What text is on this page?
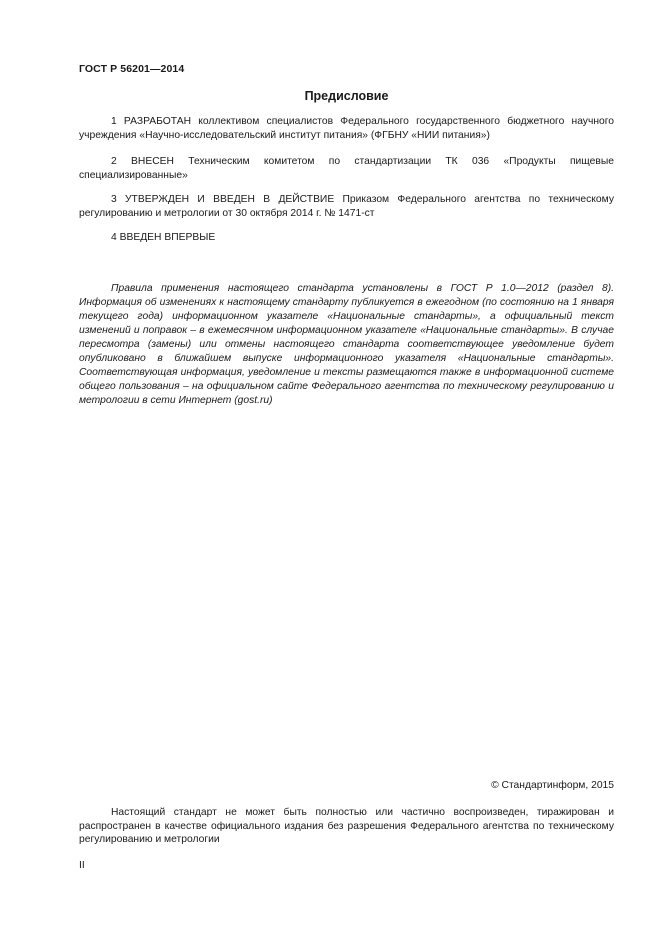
ГОСТ Р 56201—2014
Предисловие

1 РАЗРАБОТАН коллективом специалистов Федерального государственного бюджетного научного учреждения «Научно-исследовательский институт питания» (ФГБНУ «НИИ питания»)

2 ВНЕСЕН Техническим комитетом по стандартизации ТК 036 «Продукты пищевые специализированные»

3 УТВЕРЖДЕН И ВВЕДЕН В ДЕЙСТВИЕ Приказом Федерального агентства по техническому регулированию и метрологии от 30 октября 2014 г. № 1471-ст

4 ВВЕДЕН ВПЕРВЫЕ

Правила применения настоящего стандарта установлены в ГОСТ Р 1.0—2012 (раздел 8). Информация об изменениях к настоящему стандарту публикуется в ежегодном (по состоянию на 1 января текущего года) информационном указателе «Национальные стандарты», а официальный текст изменений и поправок – в ежемесячном информационном указателе «Национальные стандарты». В случае пересмотра (замены) или отмены настоящего стандарта соответствующее уведомление будет опубликовано в ближайшем выпуске информационного указателя «Национальные стандарты». Соответствующая информация, уведомление и тексты размещаются также в информационной системе общего пользования – на официальном сайте Федерального агентства по техническому регулированию и метрологии в сети Интернет (gost.ru)

© Стандартинформ, 2015

Настоящий стандарт не может быть полностью или частично воспроизведен, тиражирован и распространен в качестве официального издания без разрешения Федерального агентства по техническому регулированию и метрологии

II
